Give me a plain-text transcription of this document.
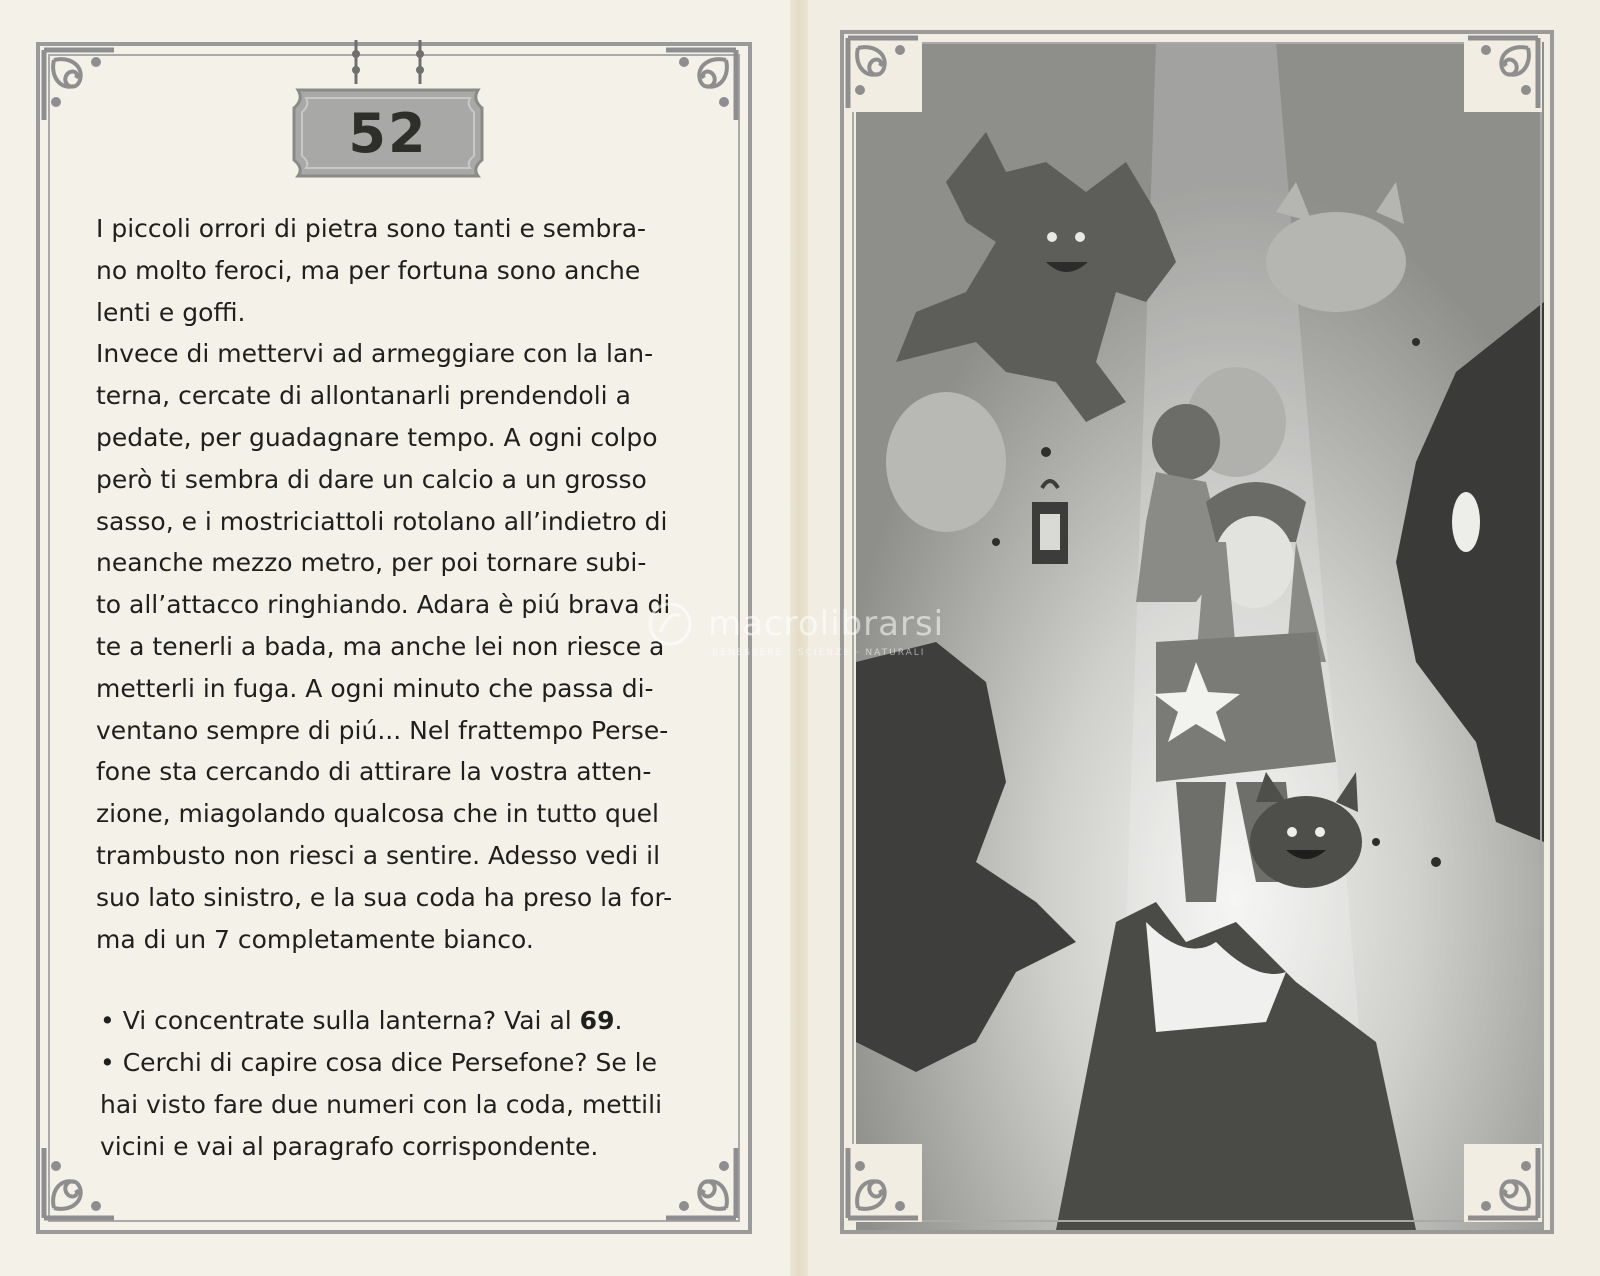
52

I piccoli orrori di pietra sono tanti e sembra-

no molto feroci, ma per fortuna sono anche

lenti e goffi.

Invece di mettervi ad armeggiare con la lan-

terna, cercate di allontanarli prendendoli a

pedate, per guadagnare tempo. A ogni colpo

però ti sembra di dare un calcio a un grosso

sasso, e i mostriciattoli rotolano all’indietro di

neanche mezzo metro, per poi tornare subi-

to all’attacco ringhiando. Adara è piú brava di

te a tenerli a bada, ma anche lei non riesce a

metterli in fuga. A ogni minuto che passa di-

ventano sempre di piú... Nel frattempo Perse-

fone sta cercando di attirare la vostra atten-

zione, miagolando qualcosa che in tutto quel

trambusto non riesci a sentire. Adesso vedi il

suo lato sinistro, e la sua coda ha preso la for-

ma di un 7 completamente bianco.

• Vi concentrate sulla lanterna? Vai al 69.

• Cerchi di capire cosa dice Persefone? Se le

hai visto fare due numeri con la coda, mettili

vicini e vai al paragrafo corrispondente.

macrolibrarsi
BENESSERE · SCIENZE · NATURALI
